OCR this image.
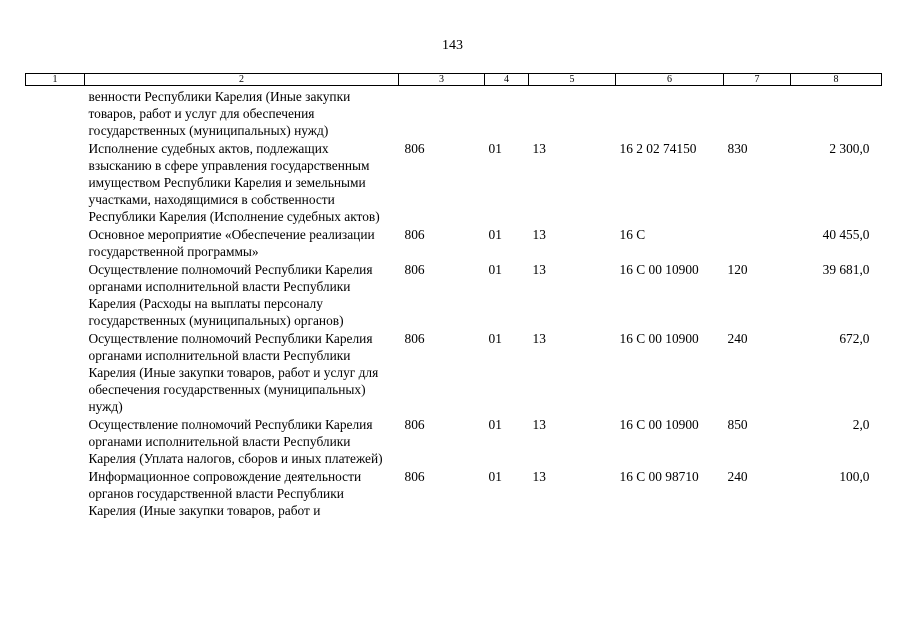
143
1	2	3	4	5	6	7	8
	венности Республики Карелия (Иные закупки товаров, работ и услуг для обеспечения государственных (муниципальных) нужд)						
	Исполнение судебных актов, подлежащих взысканию в сфере управления государственным имуществом Республики Карелия и земельными участками, находящимися в собственности Республики Карелия (Исполнение судебных актов)	806	01	13	16 2 02 74150	830	2 300,0
	Основное мероприятие «Обеспечение реализации государственной программы»	806	01	13	16 С		40 455,0
	Осуществление полномочий Республики Карелия органами исполнительной власти Республики Карелия (Расходы на выплаты персоналу государственных (муниципальных) органов)	806	01	13	16 С 00 10900	120	39 681,0
	Осуществление полномочий Республики Карелия органами исполнительной власти Республики Карелия (Иные закупки товаров, работ и услуг для обеспечения государственных (муниципальных) нужд)	806	01	13	16 С 00 10900	240	672,0
	Осуществление полномочий Республики Карелия органами исполнительной власти Республики Карелия (Уплата налогов, сборов и иных платежей)	806	01	13	16 С 00 10900	850	2,0
	Информационное сопровождение деятельности органов государственной власти Республики Карелия (Иные закупки товаров, работ и	806	01	13	16 С 00 98710	240	100,0
